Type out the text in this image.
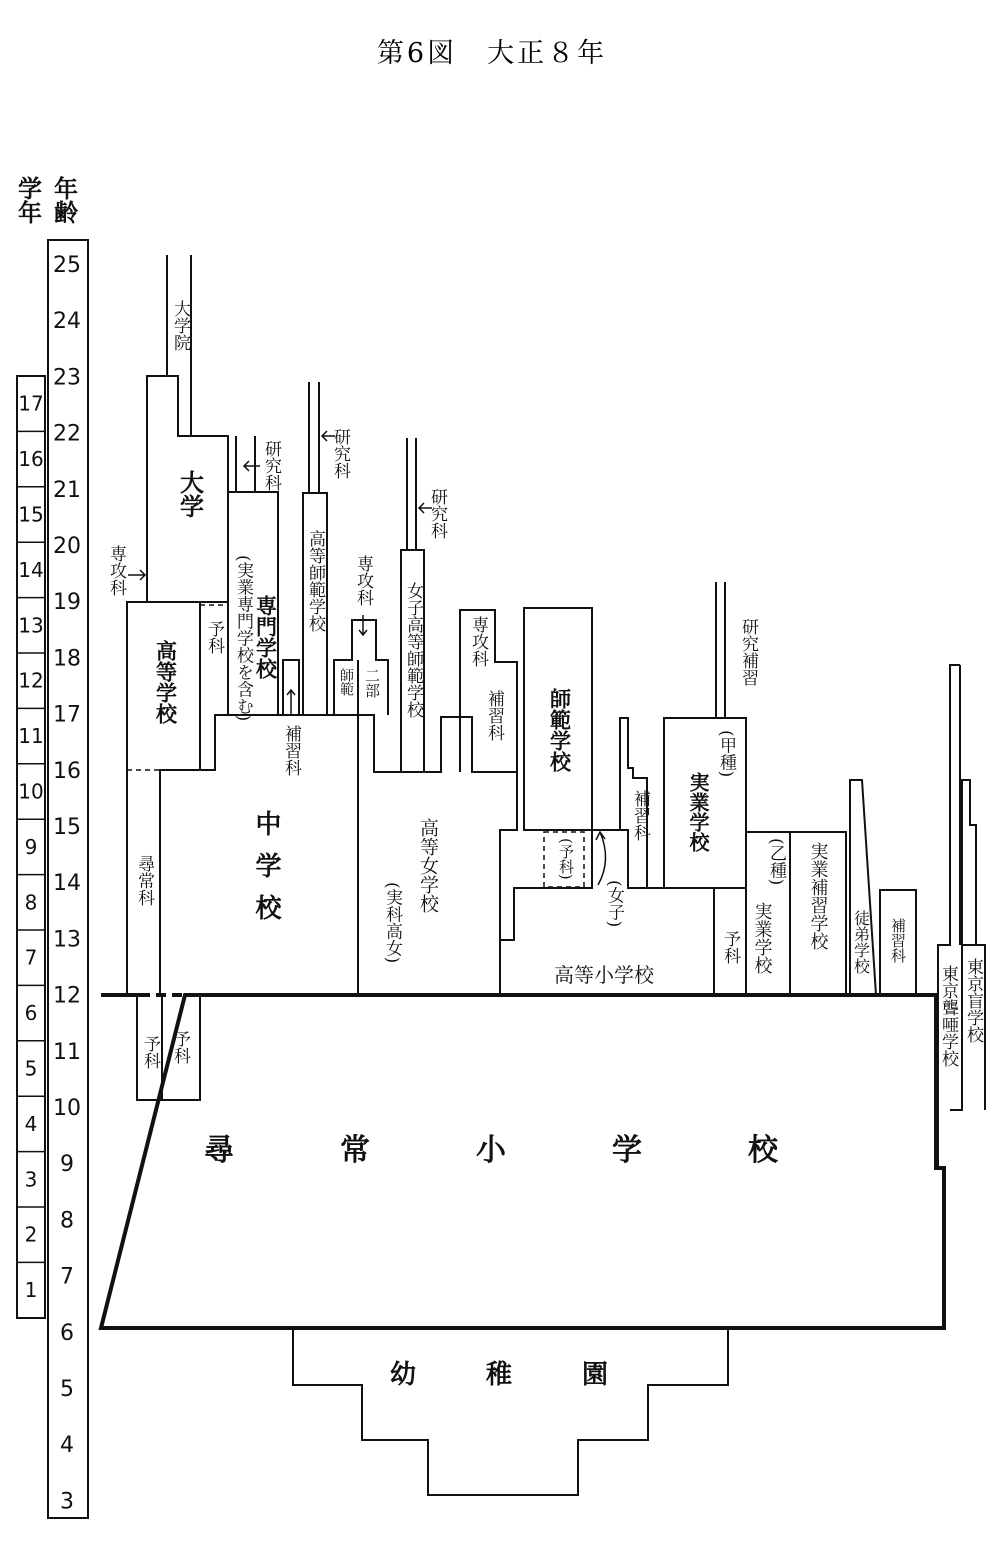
第6図　大正８年
学年 年齢
25
24
23
22
21
20
19
18
17
16
15
14
13
12
11
10
9
8
7
6
5
4
3
17
16
15
14
13
12
11
10
9
8
7
6
5
4
3
2
1
大学院
大学
専攻科
高等学校
予科
尋常科
予科 予科
研究科
専門学校
(実業専門学校を含む)
補習科
中学校
研究科
高等師範学校 専攻科
師範 二部
研究科
女子高等師範学校
高等女学校
(実科高女)
専攻科
補習科 師範学校
(予科)
(女子)
高等小学校
補習科
研究補習
(甲種)
実業学校
予科
(乙種)
実業学校 実業補習学校 徒弟学校 補習科
東京聾唖学校 東京盲学校
尋　常　小　学　校
幼　稚　園
